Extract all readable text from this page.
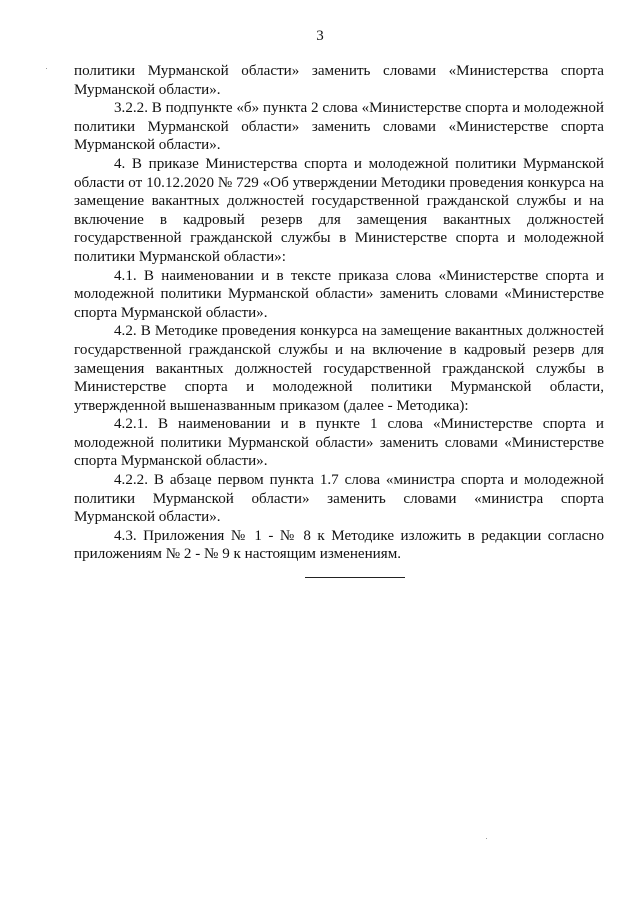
3

политики Мурманской области» заменить словами «Министерства спорта Мурманской области».

3.2.2. В подпункте «б» пункта 2 слова «Министерстве спорта и молодежной политики Мурманской области» заменить словами «Министерстве спорта Мурманской области».

4. В приказе Министерства спорта и молодежной политики Мурманской области от 10.12.2020 № 729 «Об утверждении Методики проведения конкурса на замещение вакантных должностей государственной гражданской службы и на включение в кадровый резерв для замещения вакантных должностей государственной гражданской службы в Министерстве спорта и молодежной политики Мурманской области»:

4.1. В наименовании и в тексте приказа слова «Министерстве спорта и молодежной политики Мурманской области» заменить словами «Министерстве спорта Мурманской области».

4.2. В Методике проведения конкурса на замещение вакантных должностей государственной гражданской службы и на включение в кадровый резерв для замещения вакантных должностей государственной гражданской службы в Министерстве спорта и молодежной политики Мурманской области, утвержденной вышеназванным приказом (далее - Методика):

4.2.1. В наименовании и в пункте 1 слова «Министерстве спорта и молодежной политики Мурманской области» заменить словами «Министерстве спорта Мурманской области».

4.2.2. В абзаце первом пункта 1.7 слова «министра спорта и молодежной политики Мурманской области» заменить словами «министра спорта Мурманской области».

4.3. Приложения № 1 - № 8 к Методике изложить в редакции согласно приложениям № 2 - № 9 к настоящим изменениям.
